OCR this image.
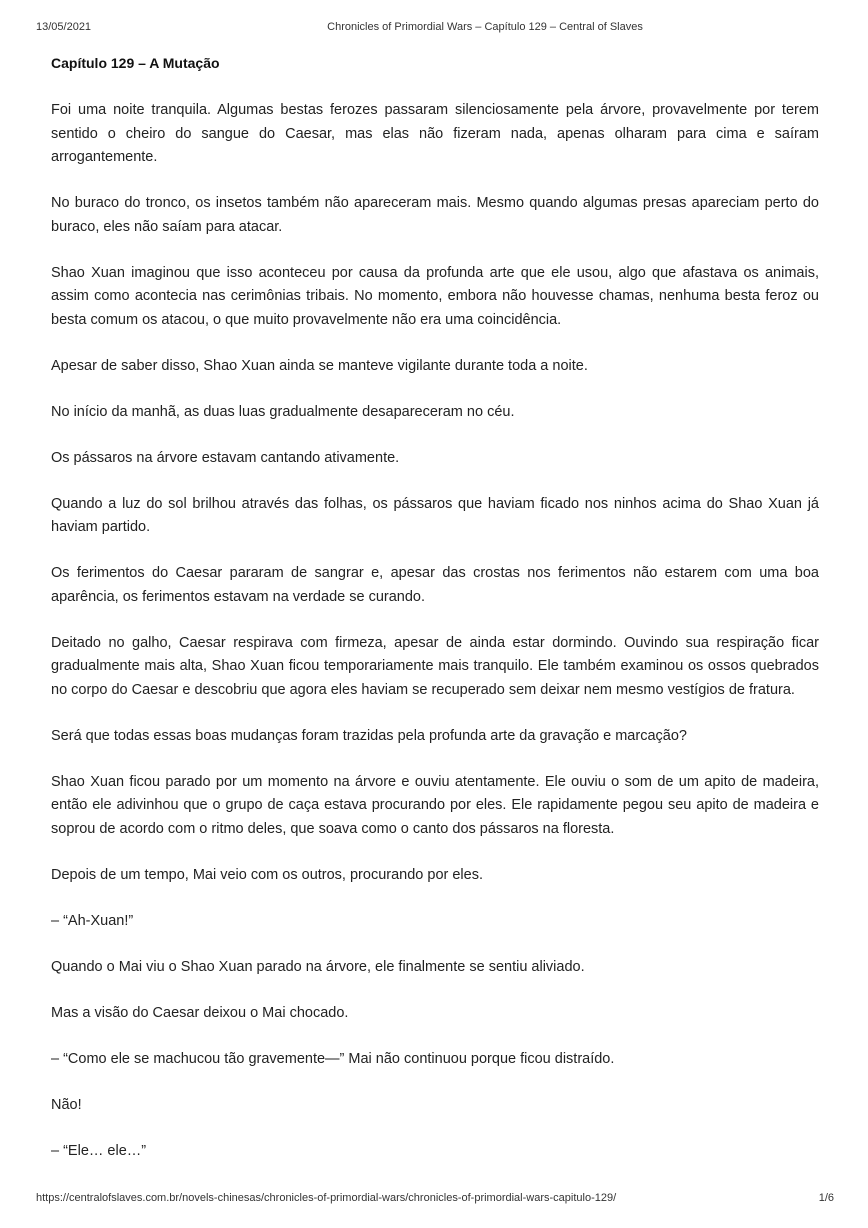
13/05/2021	Chronicles of Primordial Wars – Capítulo 129 – Central of Slaves
Capítulo 129 – A Mutação

Foi uma noite tranquila. Algumas bestas ferozes passaram silenciosamente pela árvore, provavelmente por terem sentido o cheiro do sangue do Caesar, mas elas não fizeram nada, apenas olharam para cima e saíram arrogantemente.

No buraco do tronco, os insetos também não apareceram mais. Mesmo quando algumas presas apareciam perto do buraco, eles não saíam para atacar.

Shao Xuan imaginou que isso aconteceu por causa da profunda arte que ele usou, algo que afastava os animais, assim como acontecia nas cerimônias tribais. No momento, embora não houvesse chamas, nenhuma besta feroz ou besta comum os atacou, o que muito provavelmente não era uma coincidência.

Apesar de saber disso, Shao Xuan ainda se manteve vigilante durante toda a noite.

No início da manhã, as duas luas gradualmente desapareceram no céu.

Os pássaros na árvore estavam cantando ativamente.

Quando a luz do sol brilhou através das folhas, os pássaros que haviam ficado nos ninhos acima do Shao Xuan já haviam partido.

Os ferimentos do Caesar pararam de sangrar e, apesar das crostas nos ferimentos não estarem com uma boa aparência, os ferimentos estavam na verdade se curando.

Deitado no galho, Caesar respirava com firmeza, apesar de ainda estar dormindo. Ouvindo sua respiração ficar gradualmente mais alta, Shao Xuan ficou temporariamente mais tranquilo. Ele também examinou os ossos quebrados no corpo do Caesar e descobriu que agora eles haviam se recuperado sem deixar nem mesmo vestígios de fratura.

Será que todas essas boas mudanças foram trazidas pela profunda arte da gravação e marcação?

Shao Xuan ficou parado por um momento na árvore e ouviu atentamente. Ele ouviu o som de um apito de madeira, então ele adivinhou que o grupo de caça estava procurando por eles. Ele rapidamente pegou seu apito de madeira e soprou de acordo com o ritmo deles, que soava como o canto dos pássaros na floresta.

Depois de um tempo, Mai veio com os outros, procurando por eles.

– “Ah-Xuan!”

Quando o Mai viu o Shao Xuan parado na árvore, ele finalmente se sentiu aliviado.

Mas a visão do Caesar deixou o Mai chocado.

– “Como ele se machucou tão gravemente—” Mai não continuou porque ficou distraído.

Não!

– “Ele… ele…”

https://centralofslaves.com.br/novels-chinesas/chronicles-of-primordial-wars/chronicles-of-primordial-wars-capitulo-129/	1/6
